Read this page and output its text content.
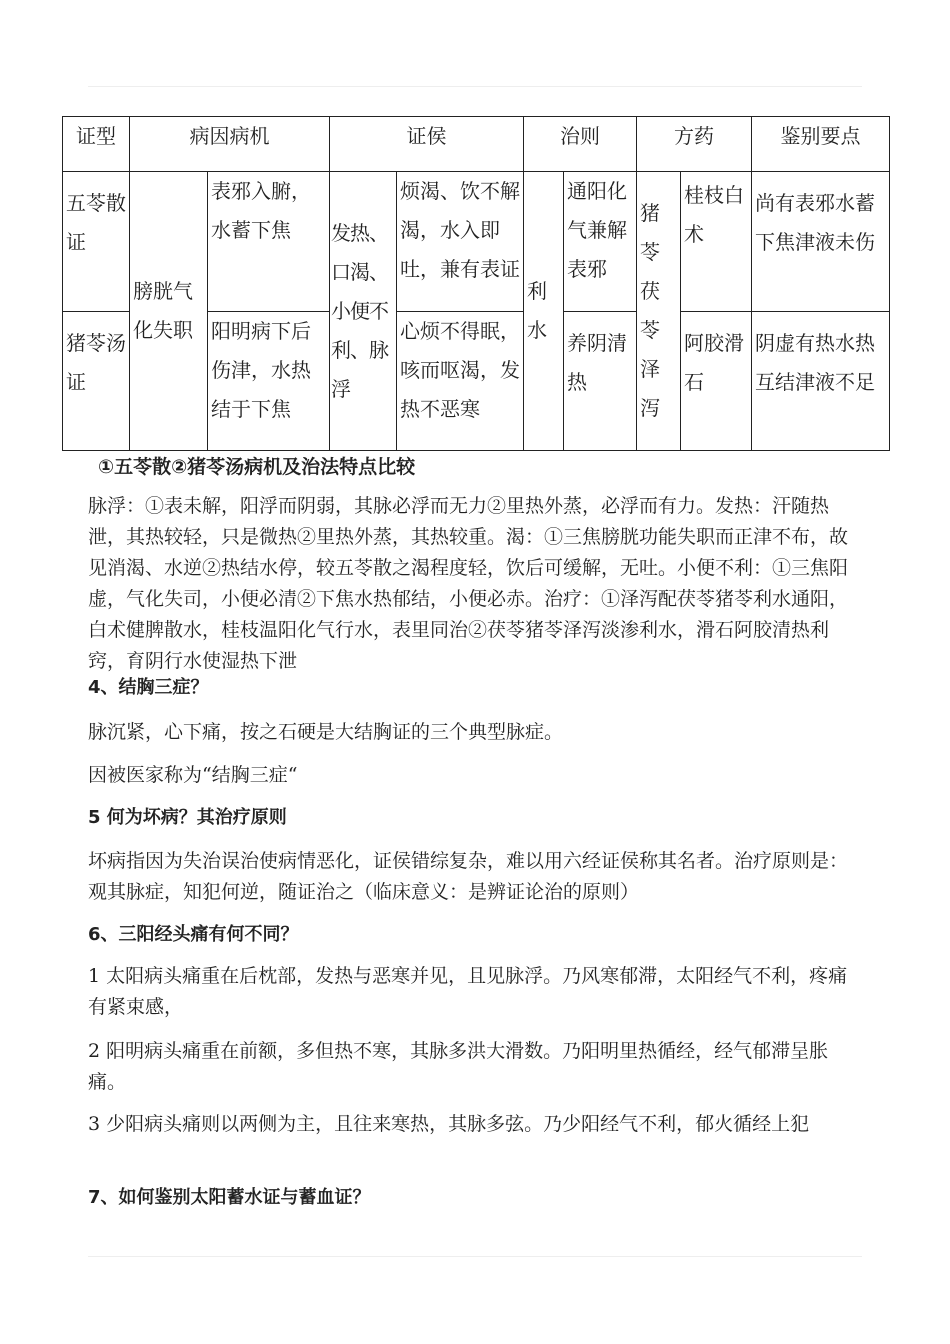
证型	病因病机		证侯		治则		方药		鉴别要点
五苓散证	膀胱气化失职	表邪入腑，水蓄下焦	发热、口渴、小便不利、脉浮	烦渴、饮不解渴，水入即吐，兼有表证	利水	通阳化气兼解表邪	猪苓茯苓泽泻	桂枝白术	尚有表邪水蓄下焦津液未伤
猪苓汤证		阳明病下后伤津，水热结于下焦		心烦不得眠，咳而呕渴，发热不恶寒		养阴清热		阿胶滑石	阴虚有热水热互结津液不足
①五苓散②猪苓汤病机及治法特点比较

脉浮：①表未解，阳浮而阴弱，其脉必浮而无力②里热外蒸，必浮而有力。发热：汗随热泄，其热较轻，只是微热②里热外蒸，其热较重。渴：①三焦膀胱功能失职而正津不布，故见消渴、水逆②热结水停，较五苓散之渴程度轻，饮后可缓解，无吐。小便不利：①三焦阳虚，气化失司，小便必清②下焦水热郁结，小便必赤。治疗：①泽泻配茯苓猪苓利水通阳，白术健脾散水，桂枝温阳化气行水，表里同治②茯苓猪苓泽泻淡渗利水，滑石阿胶清热利窍，育阴行水使湿热下泄

4、结胸三症？

脉沉紧，心下痛，按之石硬是大结胸证的三个典型脉症。

因被医家称为“结胸三症“

5 何为坏病？其治疗原则

坏病指因为失治误治使病情恶化，证侯错综复杂，难以用六经证侯称其名者。治疗原则是：观其脉症，知犯何逆，随证治之（临床意义：是辨证论治的原则）

6、三阳经头痛有何不同？

1 太阳病头痛重在后枕部，发热与恶寒并见，且见脉浮。乃风寒郁滞，太阳经气不利，疼痛有紧束感，

2 阳明病头痛重在前额，多但热不寒，其脉多洪大滑数。乃阳明里热循经，经气郁滞呈胀痛。

3 少阳病头痛则以两侧为主，且往来寒热，其脉多弦。乃少阳经气不利，郁火循经上犯

7、如何鉴别太阳蓄水证与蓄血证？
